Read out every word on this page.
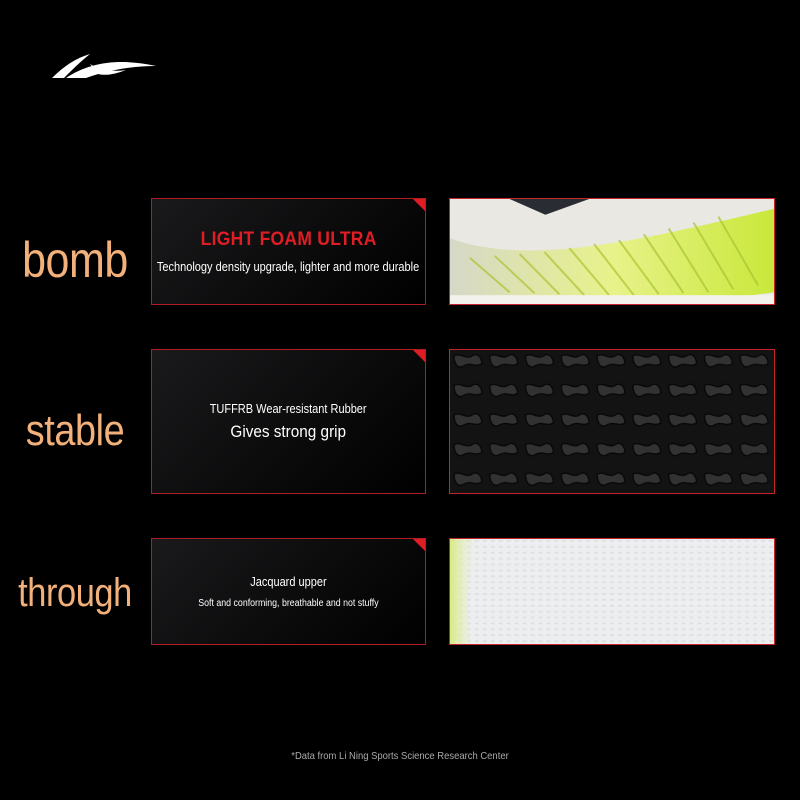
bomb	LIGHT FOAM ULTRA
Technology density upgrade, lighter and more durable
stable	TUFFRB Wear-resistant Rubber
Gives strong grip
through	Jacquard upper
Soft and conforming, breathable and not stuffy
*Data from Li Ning Sports Science Research Center
